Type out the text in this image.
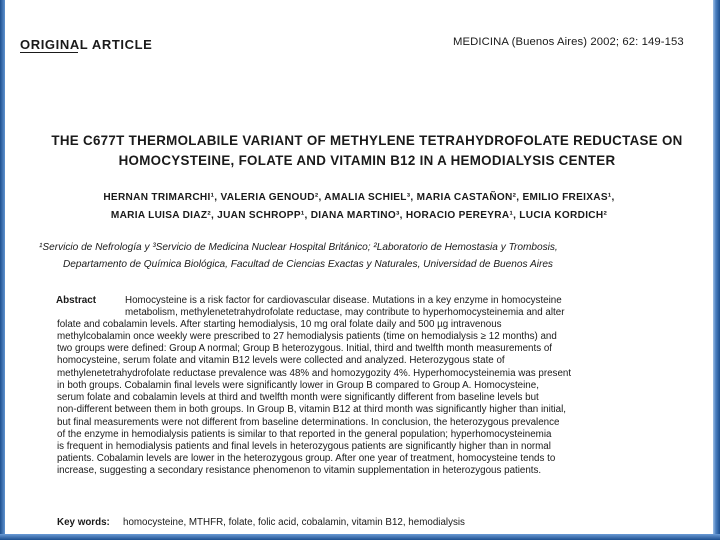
ORIGINAL ARTICLE	MEDICINA (Buenos Aires) 2002; 62: 149-153
THE C677T THERMOLABILE VARIANT OF METHYLENE TETRAHYDROFOLATE REDUCTASE ON
HOMOCYSTEINE, FOLATE AND VITAMIN B12 IN A HEMODIALYSIS CENTER
HERNAN TRIMARCHI¹, VALERIA GENOUD², AMALIA SCHIEL³, MARIA CASTAÑON², EMILIO FREIXAS¹,
MARIA LUISA DIAZ², JUAN SCHROPP¹, DIANA MARTINO³, HORACIO PEREYRA¹, LUCIA KORDICH²
¹Servicio de Nefrología y ³Servicio de Medicina Nuclear Hospital Británico; ²Laboratorio de Hemostasia y Trombosis,
Departamento de Química Biológica, Facultad de Ciencias Exactas y Naturales, Universidad de Buenos Aires
Abstract	Homocysteine is a risk factor for cardiovascular disease. Mutations in a key enzyme in homocysteine
metabolism, methylenetetrahydrofolate reductase, may contribute to hyperhomocysteinemia and alter
folate and cobalamin levels. After starting hemodialysis, 10 mg oral folate daily and 500 µg intravenous
methylcobalamin once weekly were prescribed to 27 hemodialysis patients (time on hemodialysis ≥ 12 months) and
two groups were defined: Group A normal; Group B heterozygous. Initial, third and twelfth month measurements of
homocysteine, serum folate and vitamin B12 levels were collected and analyzed. Heterozygous state of
methylenetetrahydrofolate reductase prevalence was 48% and homozygozity 4%. Hyperhomocysteinemia was present
in both groups. Cobalamin final levels were significantly lower in Group B compared to Group A. Homocysteine,
serum folate and cobalamin levels at third and twelfth month were significantly different from baseline levels but
non-different between them in both groups. In Group B, vitamin B12 at third month was significantly higher than initial,
but final measurements were not different from baseline determinations. In conclusion, the heterozygous prevalence
of the enzyme in hemodialysis patients is similar to that reported in the general population; hyperhomocysteinemia
is frequent in hemodialysis patients and final levels in heterozygous patients are significantly higher than in normal
patients. Cobalamin levels are lower in the heterozygous group. After one year of treatment, homocysteine tends to
increase, suggesting a secondary resistance phenomenon to vitamin supplementation in heterozygous patients.
Key words: homocysteine, MTHFR, folate, folic acid, cobalamin, vitamin B12, hemodialysis
